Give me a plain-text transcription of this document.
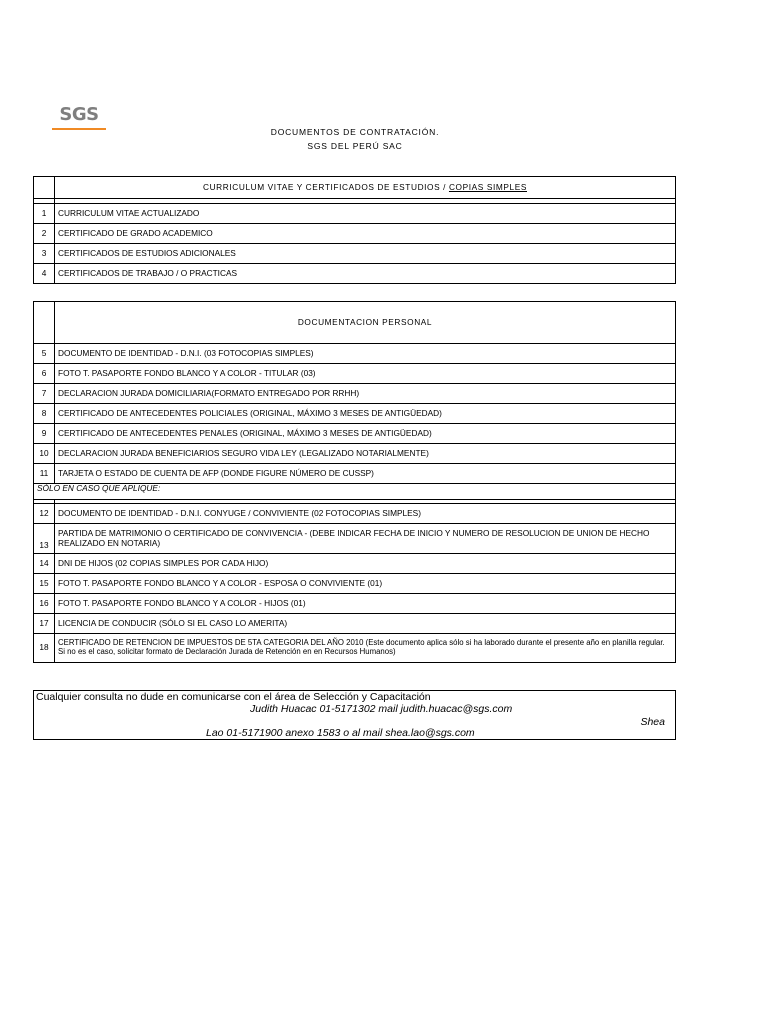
SGS
DOCUMENTOS DE CONTRATACIÓN.
SGS DEL PERÚ SAC
	CURRICULUM VITAE Y CERTIFICADOS DE ESTUDIOS / COPIAS SIMPLES

1	CURRICULUM VITAE ACTUALIZADO
2	CERTIFICADO DE GRADO ACADEMICO
3	CERTIFICADOS DE ESTUDIOS ADICIONALES
4	CERTIFICADOS DE TRABAJO / O PRACTICAS
	DOCUMENTACION PERSONAL
5	DOCUMENTO DE IDENTIDAD - D.N.I. (03 FOTOCOPIAS SIMPLES)
6	FOTO T. PASAPORTE FONDO BLANCO Y A COLOR - TITULAR (03)
7	DECLARACION JURADA DOMICILIARIA(FORMATO ENTREGADO POR RRHH)
8	CERTIFICADO DE ANTECEDENTES POLICIALES (ORIGINAL, MÁXIMO 3 MESES DE ANTIGÜEDAD)
9	CERTIFICADO DE ANTECEDENTES PENALES (ORIGINAL, MÁXIMO 3 MESES DE ANTIGÜEDAD)
10	DECLARACION JURADA BENEFICIARIOS SEGURO VIDA LEY (LEGALIZADO NOTARIALMENTE)
11	TARJETA O ESTADO DE CUENTA DE AFP (DONDE FIGURE NÚMERO DE CUSSP)
SÓLO EN CASO QUE APLIQUE:	

12	DOCUMENTO DE IDENTIDAD - D.N.I. CONYUGE / CONVIVIENTE (02 FOTOCOPIAS SIMPLES)
13	PARTIDA DE MATRIMONIO O CERTIFICADO DE CONVIVENCIA - (DEBE INDICAR FECHA DE INICIO Y NUMERO DE RESOLUCION DE UNION DE HECHO REALIZADO EN NOTARIA)
14	DNI DE HIJOS (02 COPIAS SIMPLES POR CADA HIJO)
15	FOTO T. PASAPORTE FONDO BLANCO Y A COLOR - ESPOSA O CONVIVIENTE (01)
16	FOTO T. PASAPORTE FONDO BLANCO Y A COLOR - HIJOS (01)
17	LICENCIA DE CONDUCIR (SÓLO SI EL CASO LO AMERITA)
18	CERTIFICADO DE RETENCION DE IMPUESTOS DE 5TA CATEGORIA DEL AÑO 2010 (Este documento aplica sólo si ha laborado durante el presente año en planilla regular. Si no es el caso, solicitar formato de Declaración Jurada de Retención en en Recursos Humanos)
Cualquier consulta no dude en comunicarse con el área de Selección y Capacitación
Judith Huacac 01-5171302 mail judith.huacac@sgs.com
Shea
Lao 01-5171900 anexo 1583 o al mail shea.lao@sgs.com
